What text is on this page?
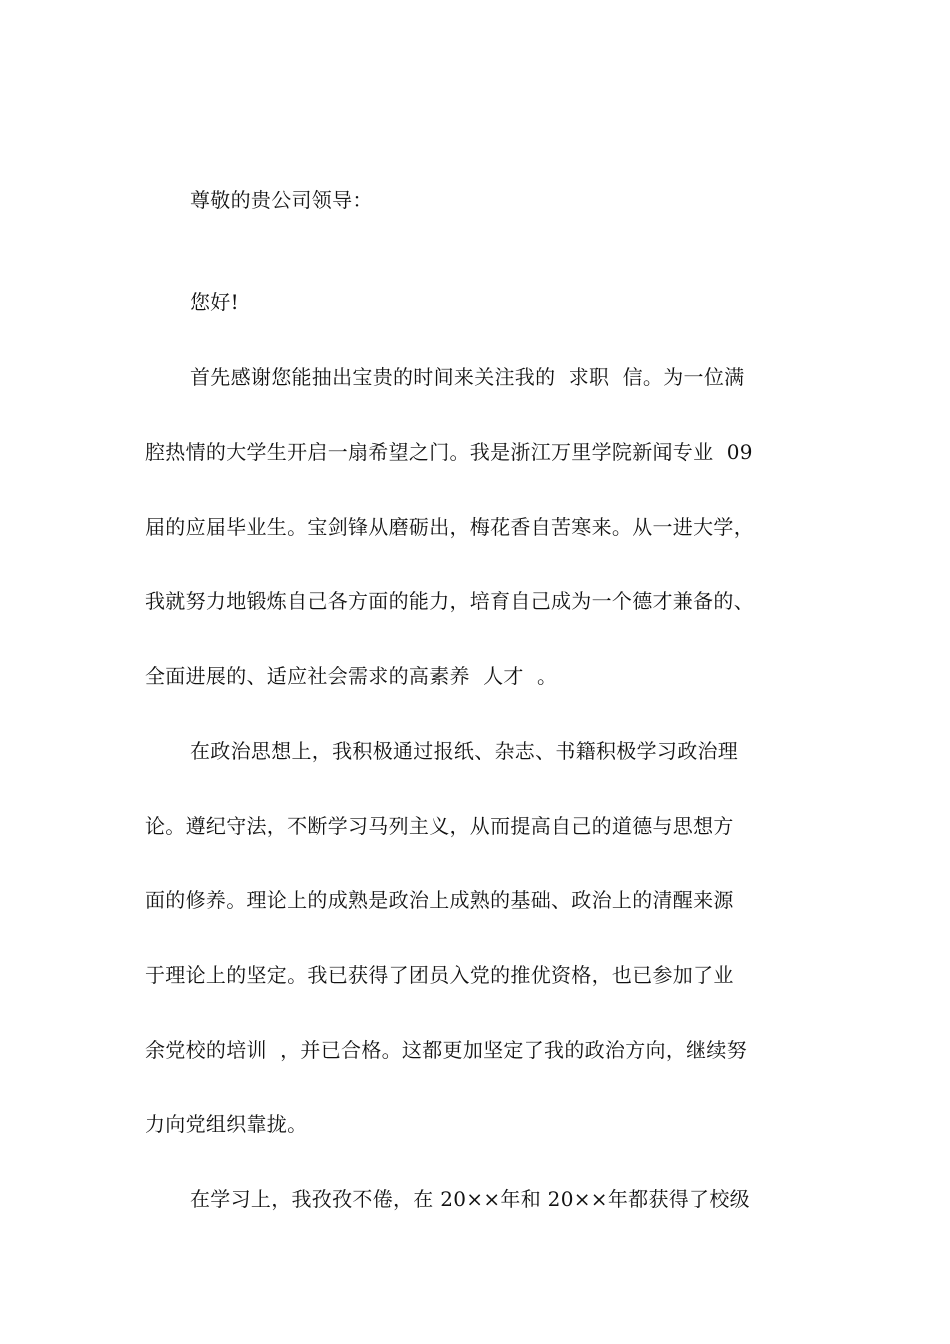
尊敬的贵公司领导：
您好!
首先感谢您能抽出宝贵的时间来关注我的  求职  信。为一位满
腔热情的大学生开启一扇希望之门。我是浙江万里学院新闻专业  09
届的应届毕业生。宝剑锋从磨砺出，梅花香自苦寒来。从一进大学，
我就努力地锻炼自己各方面的能力，培育自己成为一个德才兼备的、
全面进展的、适应社会需求的高素养  人才  。
在政治思想上，我积极通过报纸、杂志、书籍积极学习政治理
论。遵纪守法，不断学习马列主义，从而提高自己的道德与思想方
面的修养。理论上的成熟是政治上成熟的基础、政治上的清醒来源
于理论上的坚定。我已获得了团员入党的推优资格，也已参加了业
余党校的培训  ，并已合格。这都更加坚定了我的政治方向，继续努
力向党组织靠拢。
在学习上，我孜孜不倦，在 20××年和 20××年都获得了校级
